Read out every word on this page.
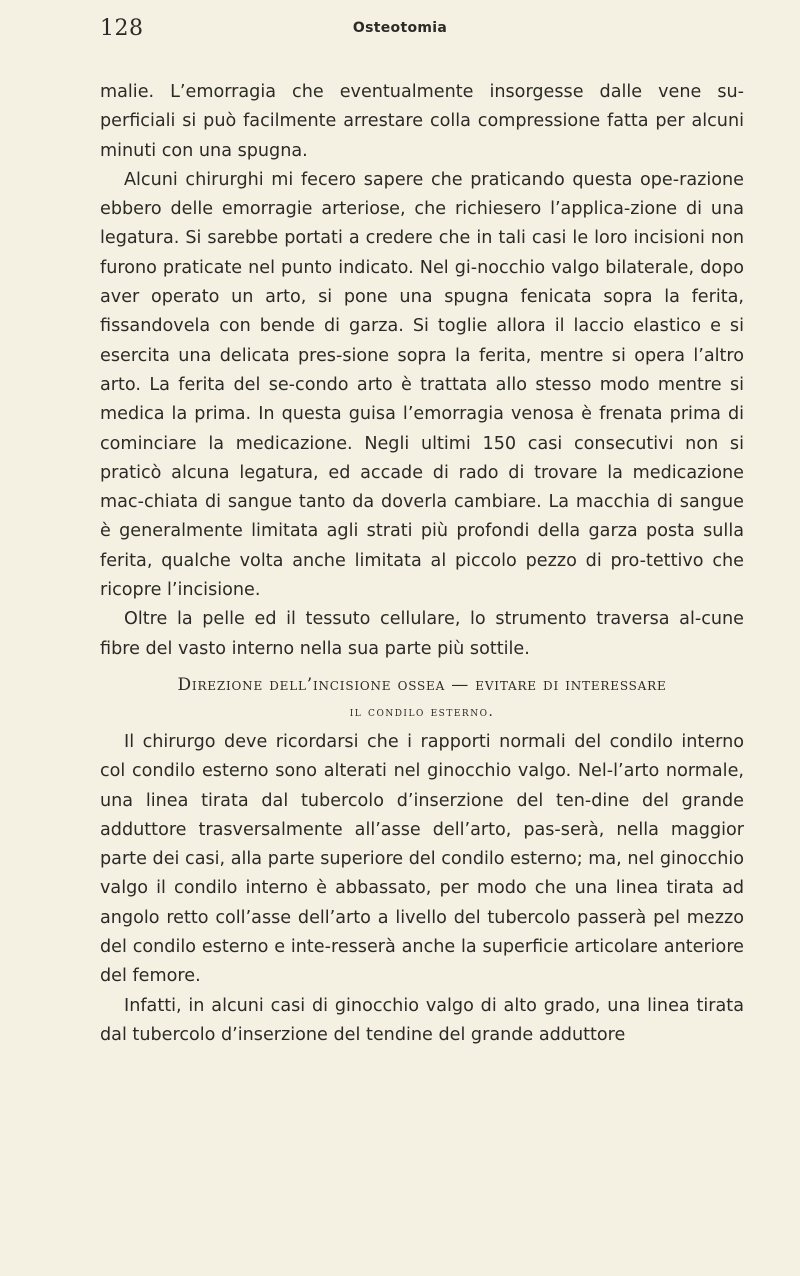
128	Osteotomia

malie. L’emorragia che eventualmente insorgesse dalle vene su-perficiali si può facilmente arrestare colla compressione fatta per alcuni minuti con una spugna.

Alcuni chirurghi mi fecero sapere che praticando questa ope-razione ebbero delle emorragie arteriose, che richiesero l’applica-zione di una legatura. Si sarebbe portati a credere che in tali casi le loro incisioni non furono praticate nel punto indicato. Nel gi-nocchio valgo bilaterale, dopo aver operato un arto, si pone una spugna fenicata sopra la ferita, fissandovela con bende di garza. Si toglie allora il laccio elastico e si esercita una delicata pres-sione sopra la ferita, mentre si opera l’altro arto. La ferita del se-condo arto è trattata allo stesso modo mentre si medica la prima. In questa guisa l’emorragia venosa è frenata prima di cominciare la medicazione. Negli ultimi 150 casi consecutivi non si praticò alcuna legatura, ed accade di rado di trovare la medicazione mac-chiata di sangue tanto da doverla cambiare. La macchia di sangue è generalmente limitata agli strati più profondi della garza posta sulla ferita, qualche volta anche limitata al piccolo pezzo di pro-tettivo che ricopre l’incisione.

Oltre la pelle ed il tessuto cellulare, lo strumento traversa al-cune fibre del vasto interno nella sua parte più sottile.

Direzione dell’incisione ossea — evitare di interessare
il condilo esterno.

Il chirurgo deve ricordarsi che i rapporti normali del condilo interno col condilo esterno sono alterati nel ginocchio valgo. Nel-l’arto normale, una linea tirata dal tubercolo d’inserzione del ten-dine del grande adduttore trasversalmente all’asse dell’arto, pas-serà, nella maggior parte dei casi, alla parte superiore del condilo esterno; ma, nel ginocchio valgo il condilo interno è abbassato, per modo che una linea tirata ad angolo retto coll’asse dell’arto a livello del tubercolo passerà pel mezzo del condilo esterno e inte-resserà anche la superficie articolare anteriore del femore.

Infatti, in alcuni casi di ginocchio valgo di alto grado, una linea tirata dal tubercolo d’inserzione del tendine del grande adduttore
